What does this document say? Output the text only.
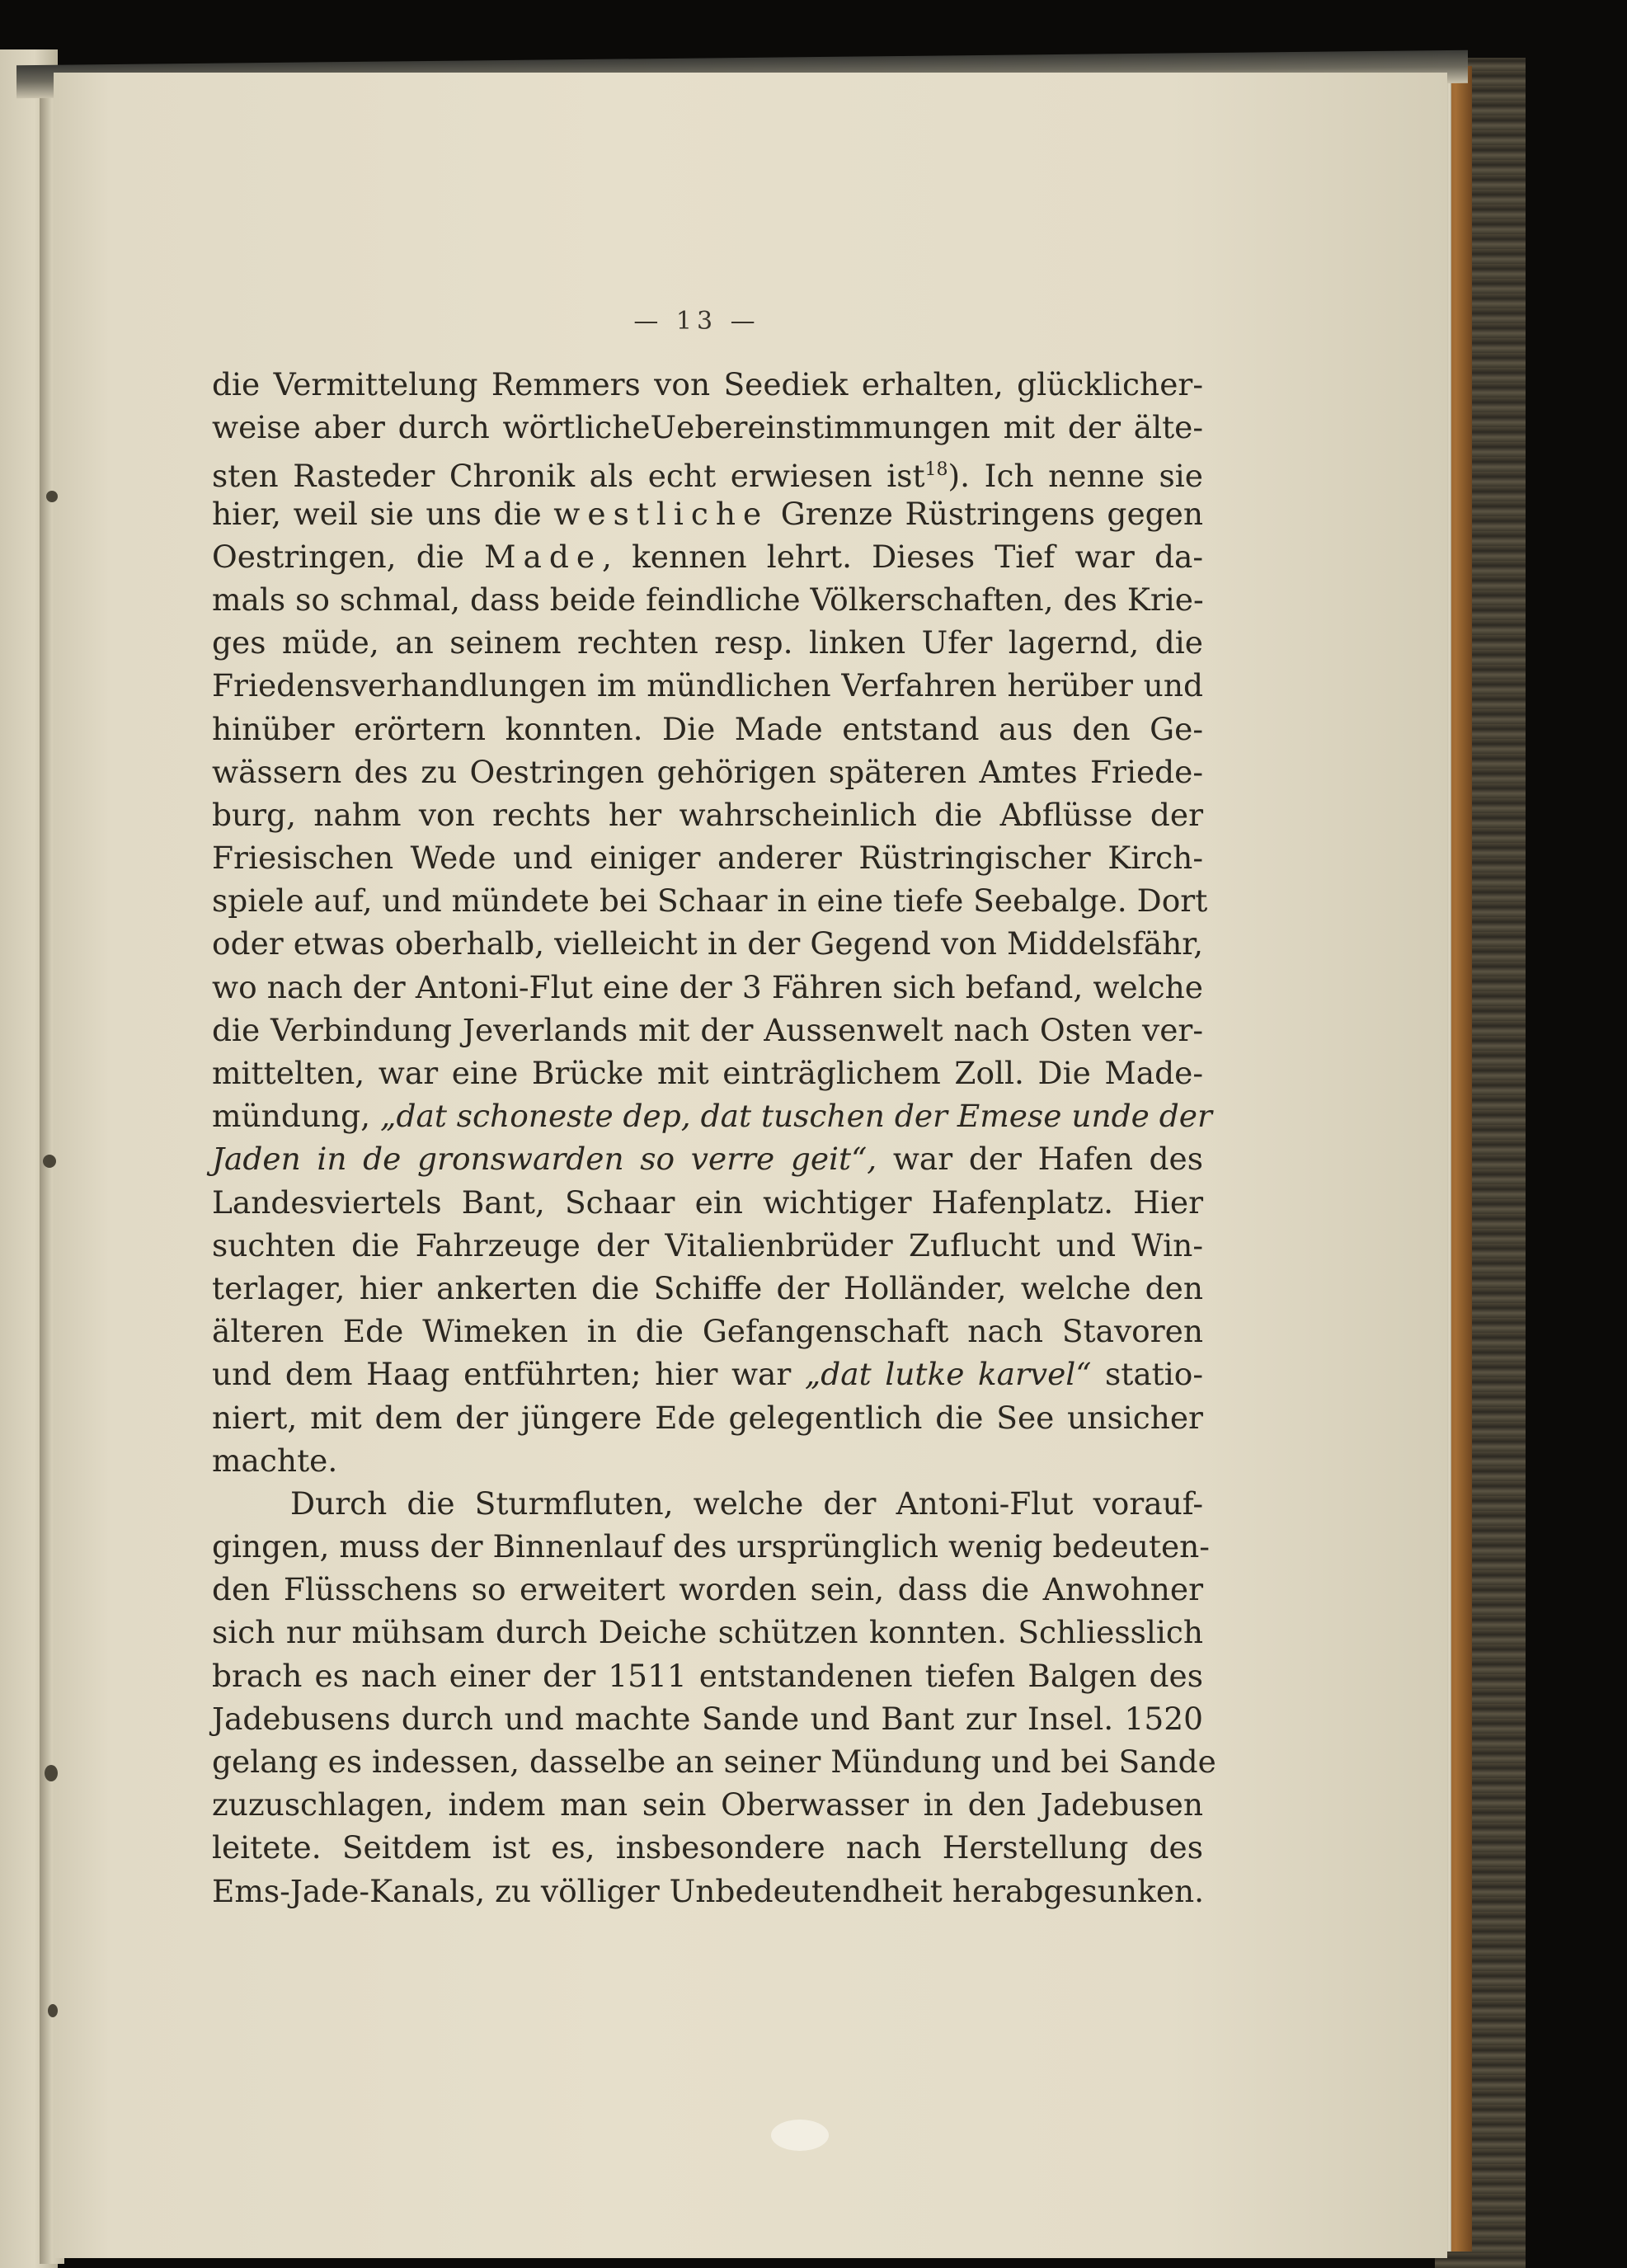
— 13 —
die Vermittelung Remmers von Seediek erhalten, glücklicher-
weise aber durch wörtlicheUebereinstimmungen mit der älte-
sten Rasteder Chronik als echt erwiesen ist$^{18}$). Ich nenne sie
hier, weil sie uns die westliche Grenze Rüstringens gegen
Oestringen, die Made, kennen lehrt. Dieses Tief war da-
mals so schmal, dass beide feindliche Völkerschaften, des Krie-
ges müde, an seinem rechten resp. linken Ufer lagernd, die
Friedensverhandlungen im mündlichen Verfahren herüber und
hinüber erörtern konnten. Die Made entstand aus den Ge-
wässern des zu Oestringen gehörigen späteren Amtes Friede-
burg, nahm von rechts her wahrscheinlich die Abflüsse der
Friesischen Wede und einiger anderer Rüstringischer Kirch-
spiele auf, und mündete bei Schaar in eine tiefe Seebalge. Dort
oder etwas oberhalb, vielleicht in der Gegend von Middelsfähr,
wo nach der Antoni-Flut eine der 3 Fähren sich befand, welche
die Verbindung Jeverlands mit der Aussenwelt nach Osten ver-
mittelten, war eine Brücke mit einträglichem Zoll. Die Made-
mündung, „dat schoneste dep, dat tuschen der Emese unde der
Jaden in de gronswarden so verre geit“, war der Hafen des
Landesviertels Bant, Schaar ein wichtiger Hafenplatz. Hier
suchten die Fahrzeuge der Vitalienbrüder Zuflucht und Win-
terlager, hier ankerten die Schiffe der Holländer, welche den
älteren Ede Wimeken in die Gefangenschaft nach Stavoren
und dem Haag entführten; hier war „dat lutke karvel“ statio-
niert, mit dem der jüngere Ede gelegentlich die See unsicher
machte.
Durch die Sturmfluten, welche der Antoni-Flut vorauf-
gingen, muss der Binnenlauf des ursprünglich wenig bedeuten-
den Flüsschens so erweitert worden sein, dass die Anwohner
sich nur mühsam durch Deiche schützen konnten. Schliesslich
brach es nach einer der 1511 entstandenen tiefen Balgen des
Jadebusens durch und machte Sande und Bant zur Insel. 1520
gelang es indessen, dasselbe an seiner Mündung und bei Sande
zuzuschlagen, indem man sein Oberwasser in den Jadebusen
leitete. Seitdem ist es, insbesondere nach Herstellung des
Ems-Jade-Kanals, zu völliger Unbedeutendheit herabgesunken.
